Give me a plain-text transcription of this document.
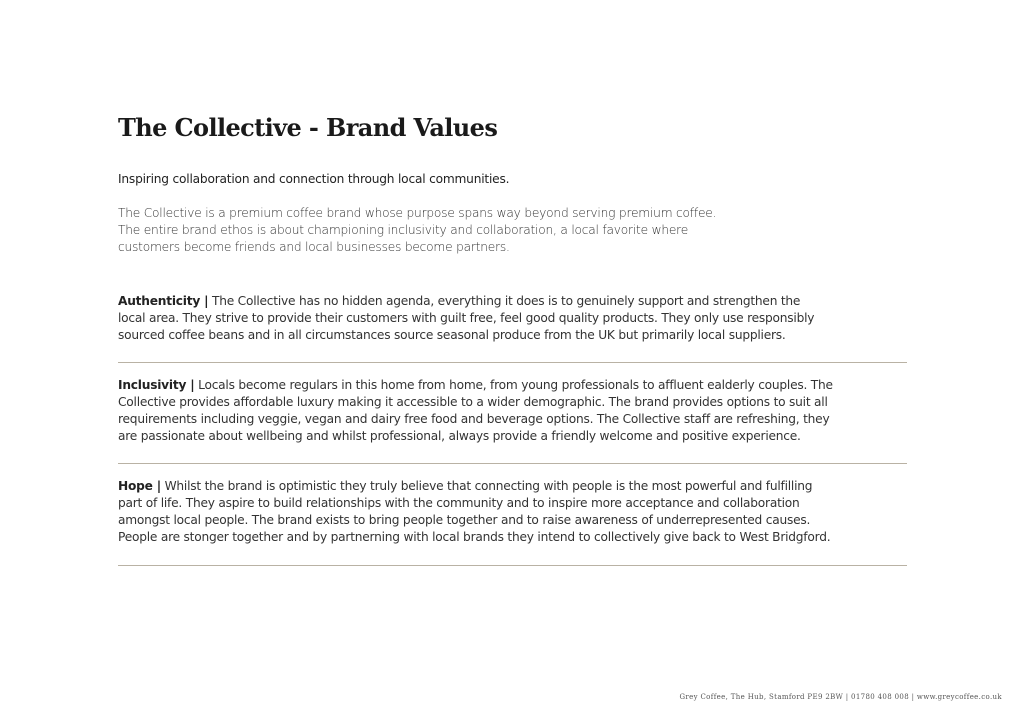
The Collective - Brand Values

Inspiring collaboration and connection through local communities.

The Collective is a premium coffee brand whose purpose spans way beyond serving premium coffee.
The entire brand ethos is about championing inclusivity and collaboration, a local favorite where
customers become friends and local businesses become partners.

Authenticity | The Collective has no hidden agenda, everything it does is to genuinely support and strengthen the
local area. They strive to provide their customers with guilt free, feel good quality products. They only use responsibly
sourced coffee beans and in all circumstances source seasonal produce from the UK but primarily local suppliers.

Inclusivity | Locals become regulars in this home from home, from young professionals to affluent ealderly couples. The
Collective provides affordable luxury making it accessible to a wider demographic. The brand provides options to suit all
requirements including veggie, vegan and dairy free food and beverage options. The Collective staff are refreshing, they
are passionate about wellbeing and whilst professional, always provide a friendly welcome and positive experience.

Hope | Whilst the brand is optimistic they truly believe that connecting with people is the most powerful and fulfilling
part of life. They aspire to build relationships with the community and to inspire more acceptance and collaboration
amongst local people. The brand exists to bring people together and to raise awareness of underrepresented causes.
People are stonger together and by partnerning with local brands they intend to collectively give back to West Bridgford.

Grey Coffee, The Hub, Stamford PE9 2BW | 01780 408 008 | www.greycoffee.co.uk
